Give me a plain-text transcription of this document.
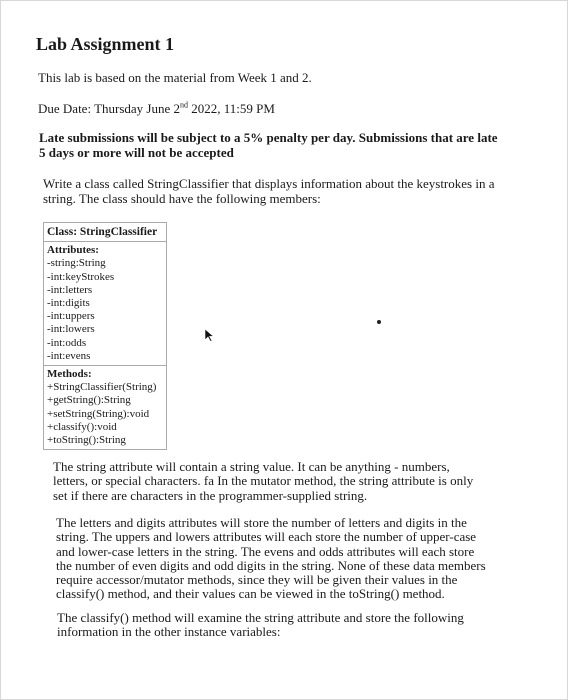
Lab Assignment 1

This lab is based on the material from Week 1 and 2.

Due Date: Thursday June 2nd 2022, 11:59 PM

Late submissions will be subject to a 5% penalty per day. Submissions that are late 5 days or more will not be accepted

Write a class called StringClassifier that displays information about the keystrokes in a string. The class should have the following members:

Class: StringClassifier
Attributes:
-string:String
-int:keyStrokes
-int:letters
-int:digits
-int:uppers
-int:lowers
-int:odds
-int:evens
Methods:
+StringClassifier(String)
+getString():String
+setString(String):void
+classify():void
+toString():String

The string attribute will contain a string value. It can be anything - numbers, letters, or special characters. fa In the mutator method, the string attribute is only set if there are characters in the programmer-supplied string.

The letters and digits attributes will store the number of letters and digits in the string. The uppers and lowers attributes will each store the number of upper-case and lower-case letters in the string. The evens and odds attributes will each store the number of even digits and odd digits in the string. None of these data members require accessor/mutator methods, since they will be given their values in the classify() method, and their values can be viewed in the toString() method.

The classify() method will examine the string attribute and store the following information in the other instance variables:
